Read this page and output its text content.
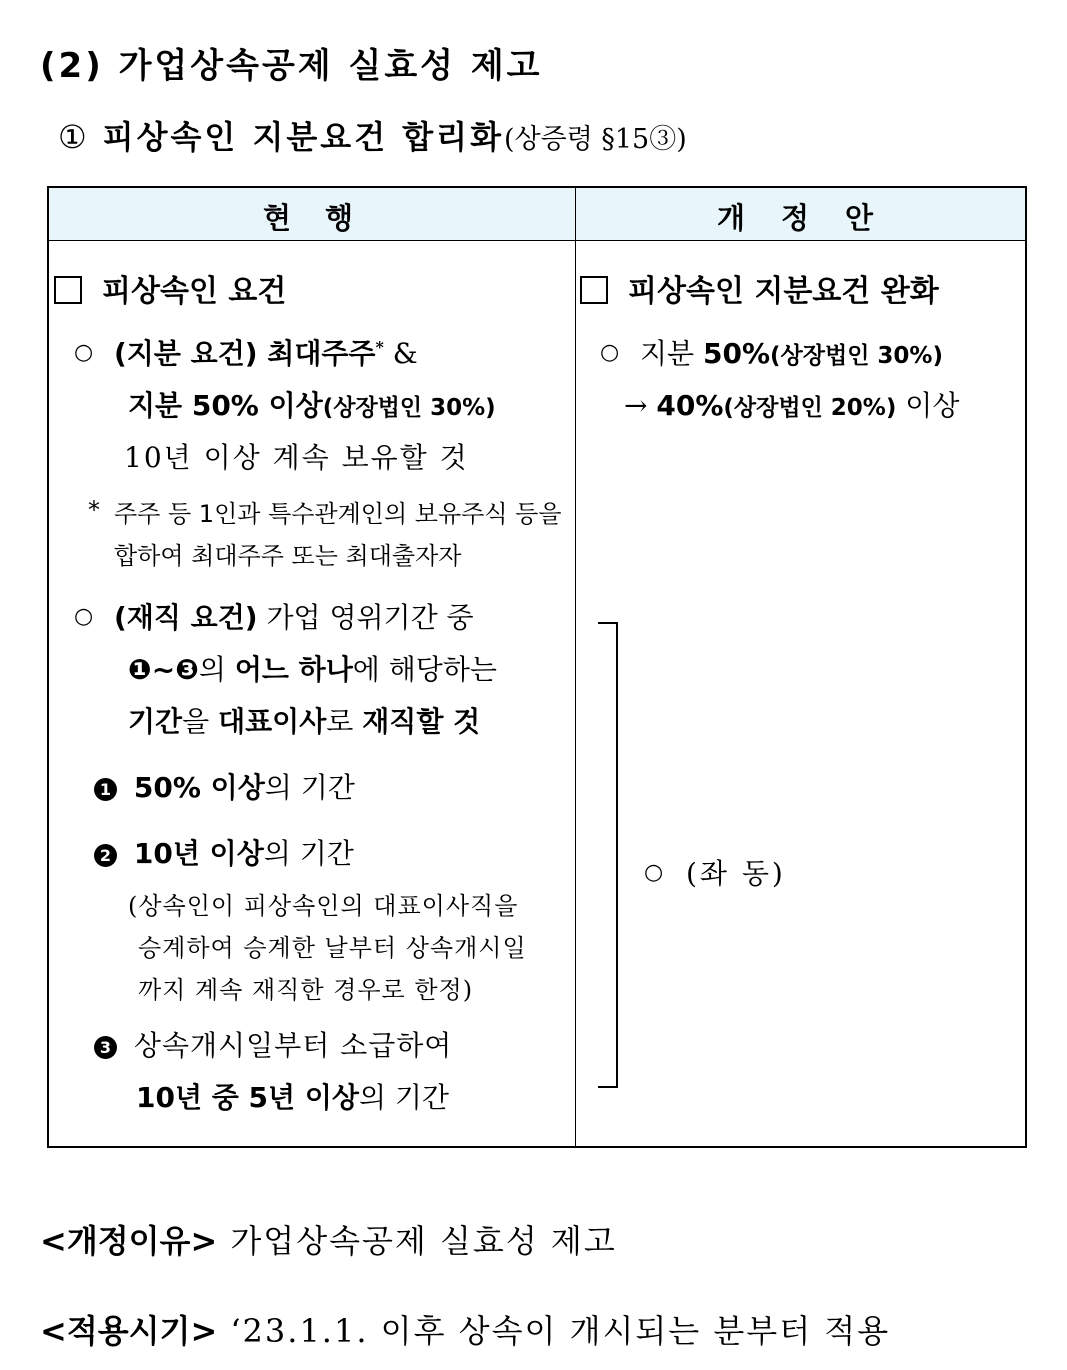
(2) 가업상속공제 실효성 제고
① 피상속인 지분요건 합리화(상증령 §15③)
현행	개정안
피상속인 요건
○ (지분 요건) 최대주주* &
지분 50% 이상(상장법인 30%)
10년 이상 계속 보유할 것
* 주주 등 1인과 특수관계인의 보유주식 등을
합하여 최대주주 또는 최대출자자
○ (재직 요건) 가업 영위기간 중
❶~❸의 어느 하나에 해당하는
기간을 대표이사로 재직할 것
1 50% 이상의 기간
2 10년 이상의 기간
(상속인이 피상속인의 대표이사직을
승계하여 승계한 날부터 상속개시일
까지 계속 재직한 경우로 한정)
3 상속개시일부터 소급하여
10년 중 5년 이상의 기간
피상속인 지분요건 완화
○ 지분 50%(상장법인 30%)
→ 40%(상장법인 20%) 이상
○ (좌 동)
<개정이유> 가업상속공제 실효성 제고
<적용시기> ‘23.1.1. 이후 상속이 개시되는 분부터 적용
